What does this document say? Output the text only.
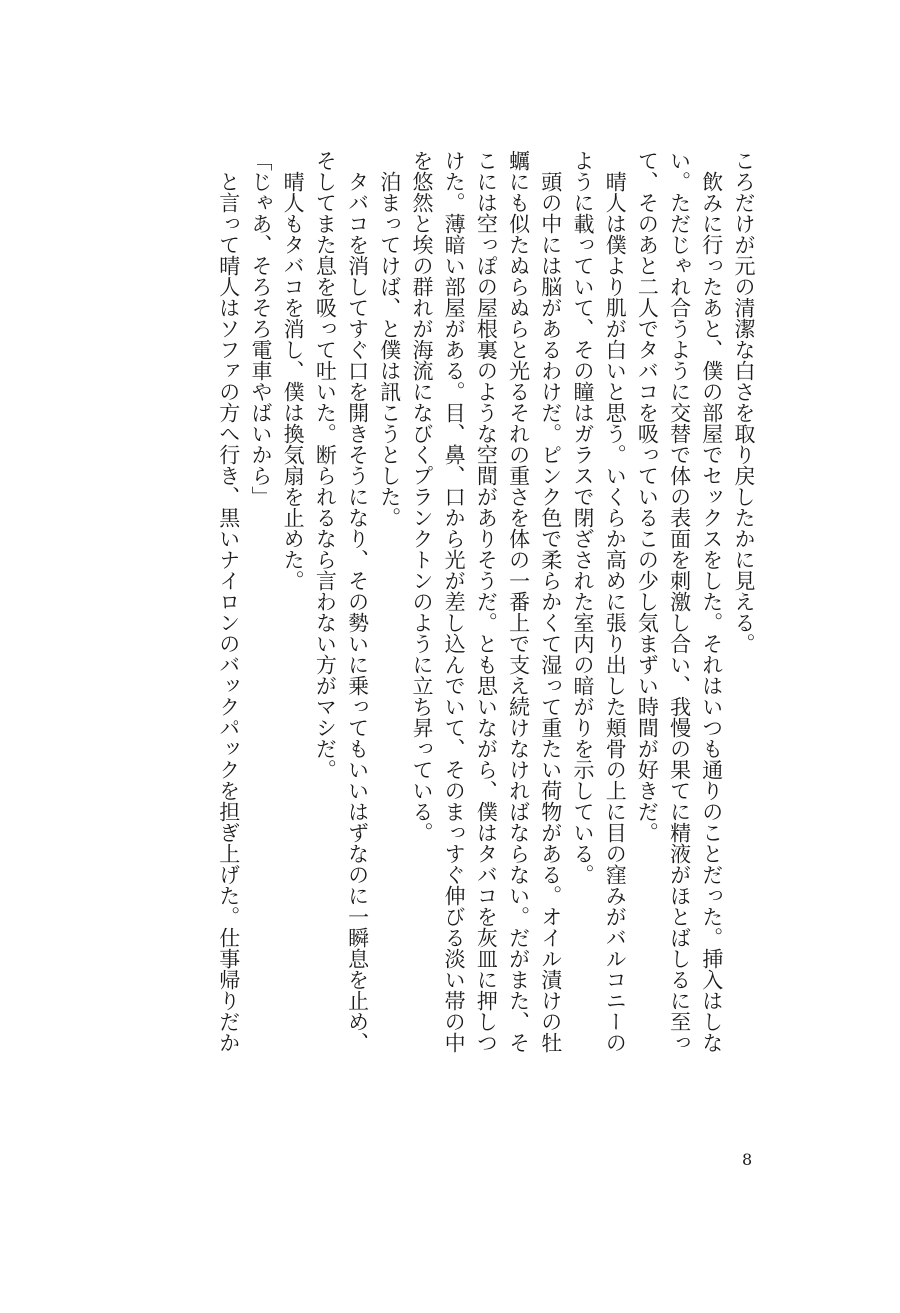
ころだけが元の清潔な白さを取り戻したかに見える。
　飲みに行ったあと、僕の部屋でセックスをした。それはいつも通りのことだった。挿入はしな
い。ただじゃれ合うように交替で体の表面を刺激し合い、我慢の果てに精液がほとばしるに至っ
て、そのあと二人でタバコを吸っているこの少し気まずい時間が好きだ。
　晴人は僕より肌が白いと思う。いくらか高めに張り出した頬骨の上に目の窪みがバルコニーの
ように載っていて、その瞳はガラスで閉ざされた室内の暗がりを示している。
　頭の中には脳があるわけだ。ピンク色で柔らかくて湿って重たい荷物がある。オイル漬けの牡
蠣にも似たぬらぬらと光るそれの重さを体の一番上で支え続けなければならない。だがまた、そ
こには空っぽの屋根裏のような空間がありそうだ。とも思いながら、僕はタバコを灰皿に押しつ
けた。薄暗い部屋がある。目、鼻、口から光が差し込んでいて、そのまっすぐ伸びる淡い帯の中
を悠然と埃の群れが海流になびくプランクトンのように立ち昇っている。
　泊まってけば、と僕は訊こうとした。
　タバコを消してすぐ口を開きそうになり、その勢いに乗ってもいいはずなのに一瞬息を止め、
そしてまた息を吸って吐いた。断られるなら言わない方がマシだ。
　晴人もタバコを消し、僕は換気扇を止めた。
「じゃあ、そろそろ電車やばいから」
　と言って晴人はソファの方へ行き、黒いナイロンのバックパックを担ぎ上げた。仕事帰りだか
8
